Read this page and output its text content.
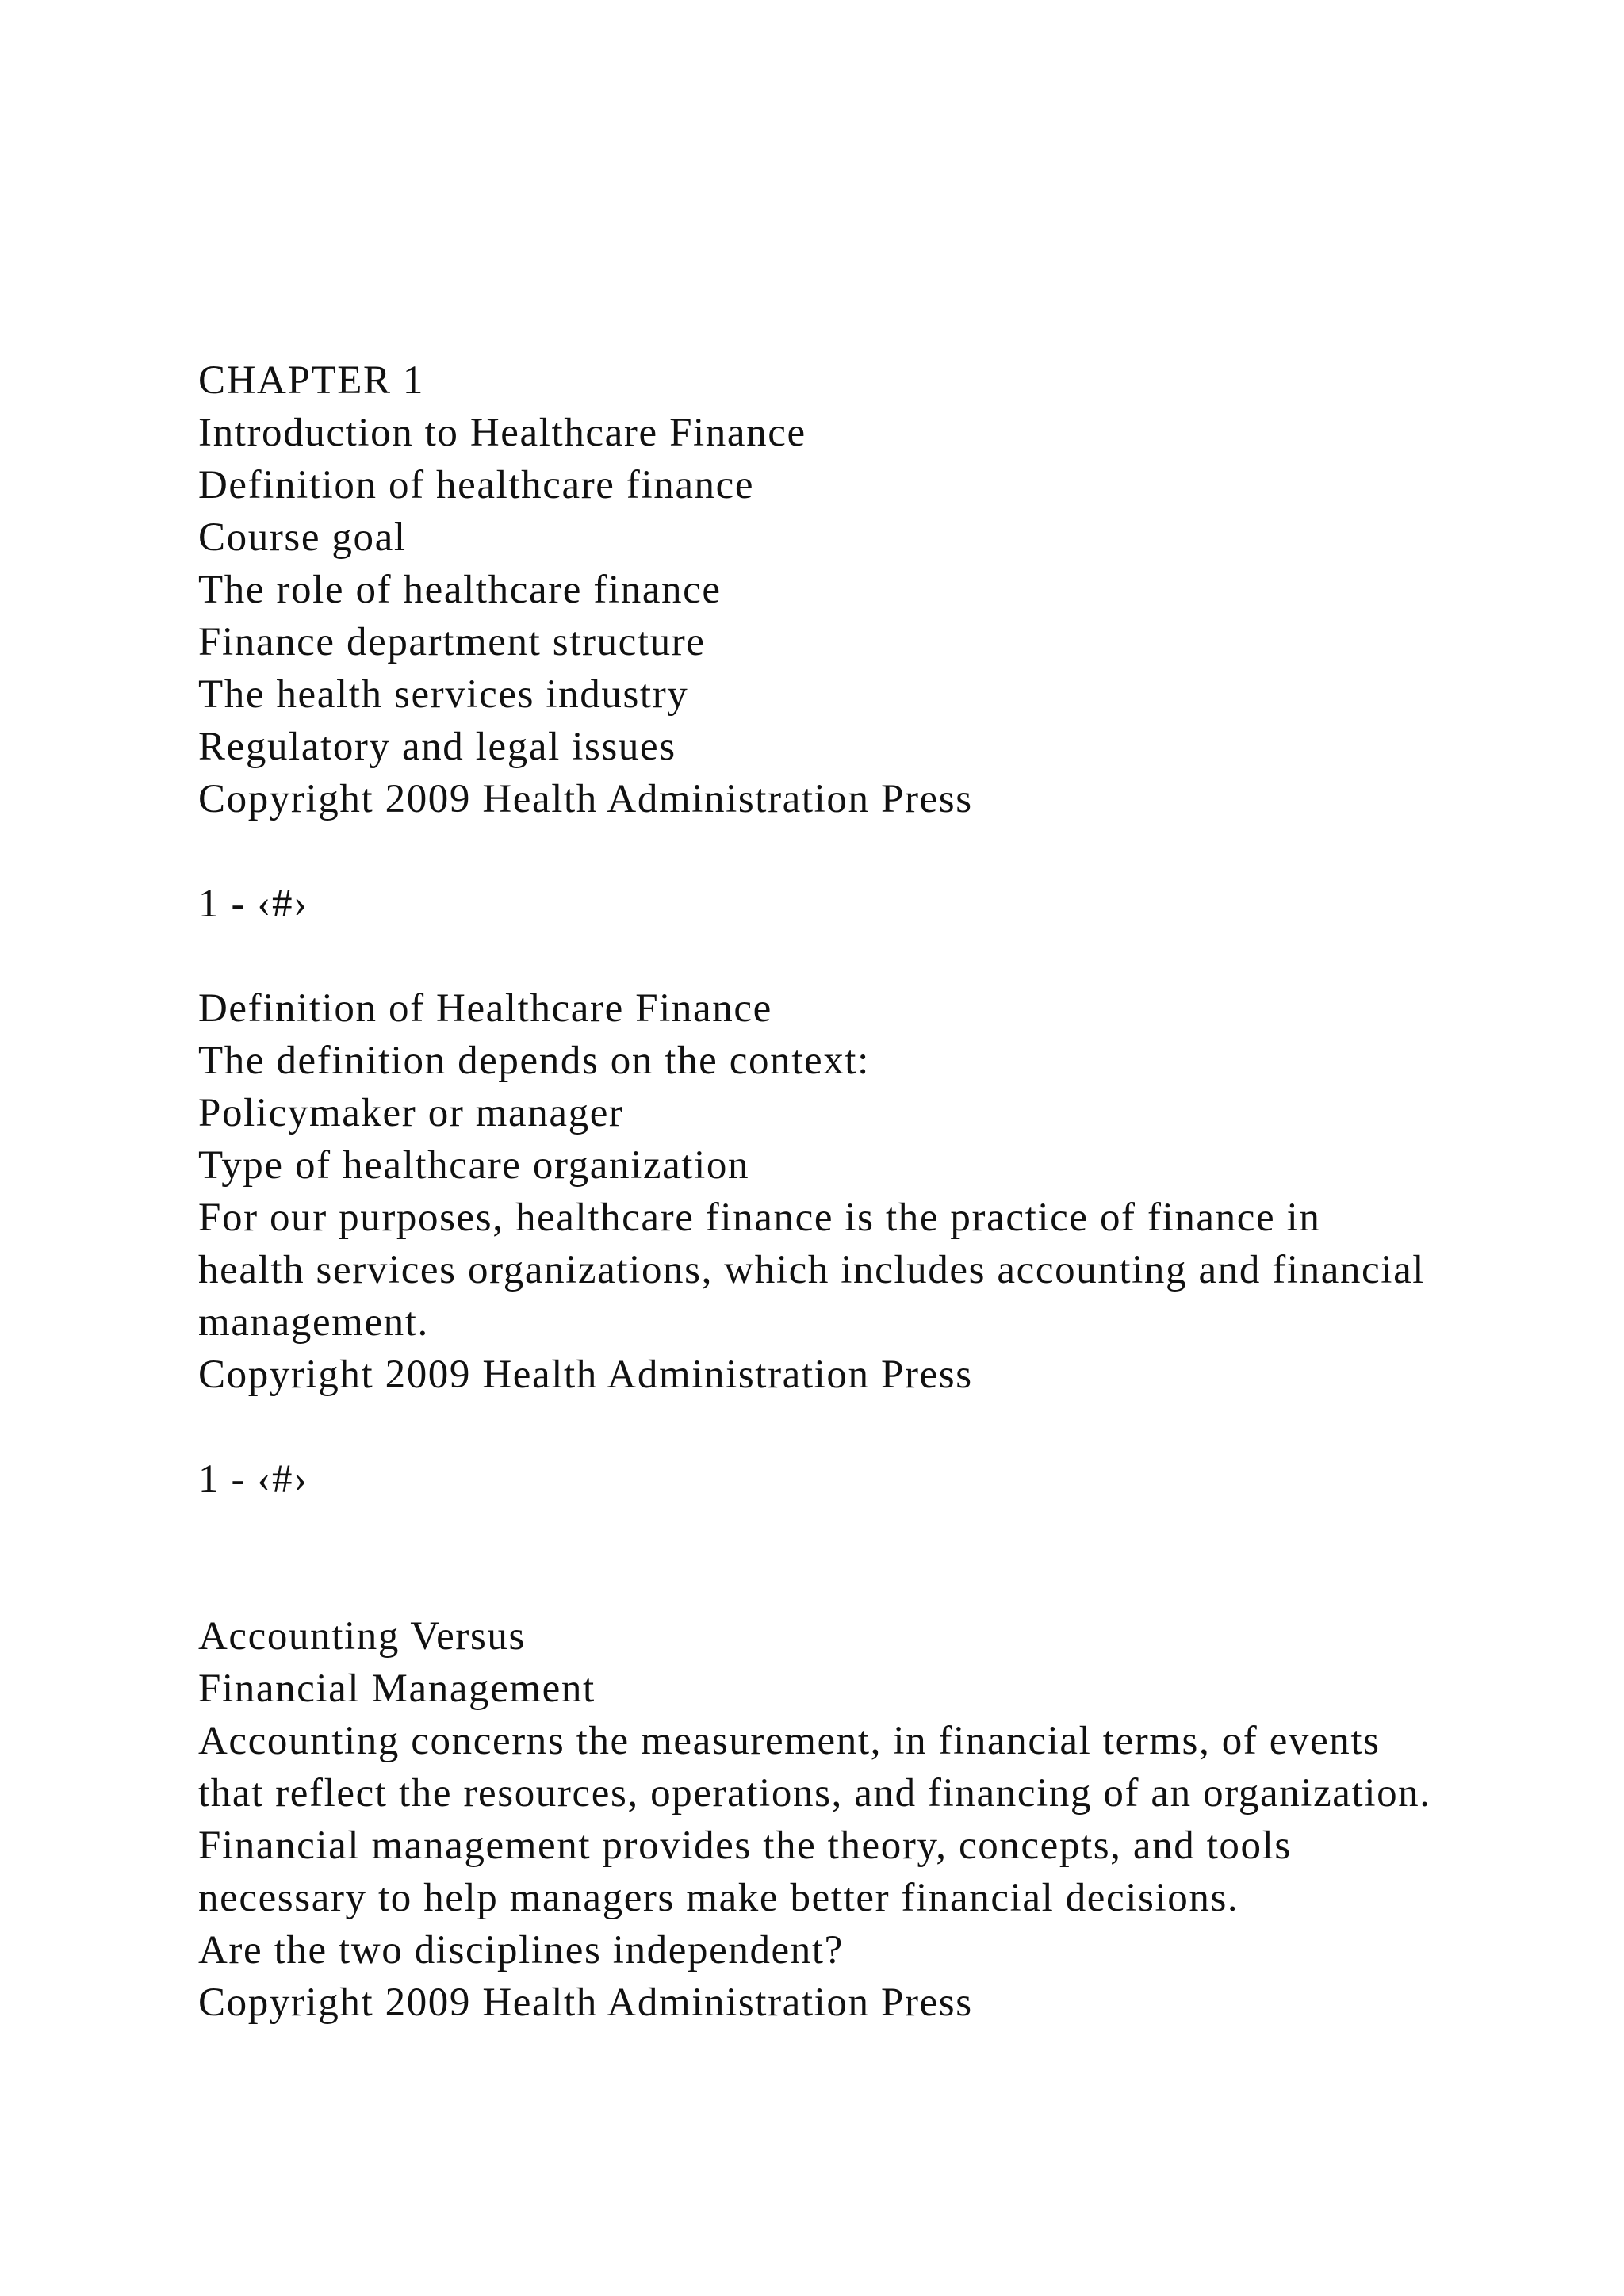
CHAPTER 1
Introduction to Healthcare Finance
Definition of healthcare finance
Course goal
The role of healthcare finance
Finance department structure
The health services industry
Regulatory and legal issues
Copyright 2009 Health Administration Press
1 - ‹#›
Definition of Healthcare Finance
The definition depends on the context:
Policymaker or manager
Type of healthcare organization
For our purposes, healthcare finance is the practice of finance in health services organizations, which includes accounting and financial management.
Copyright 2009 Health Administration Press
1 - ‹#›
Accounting Versus
Financial Management
Accounting concerns the measurement, in financial terms, of events that reflect the resources, operations, and financing of an organization.
Financial management provides the theory, concepts, and tools necessary to help managers make better financial decisions.
Are the two disciplines independent?
Copyright 2009 Health Administration Press
